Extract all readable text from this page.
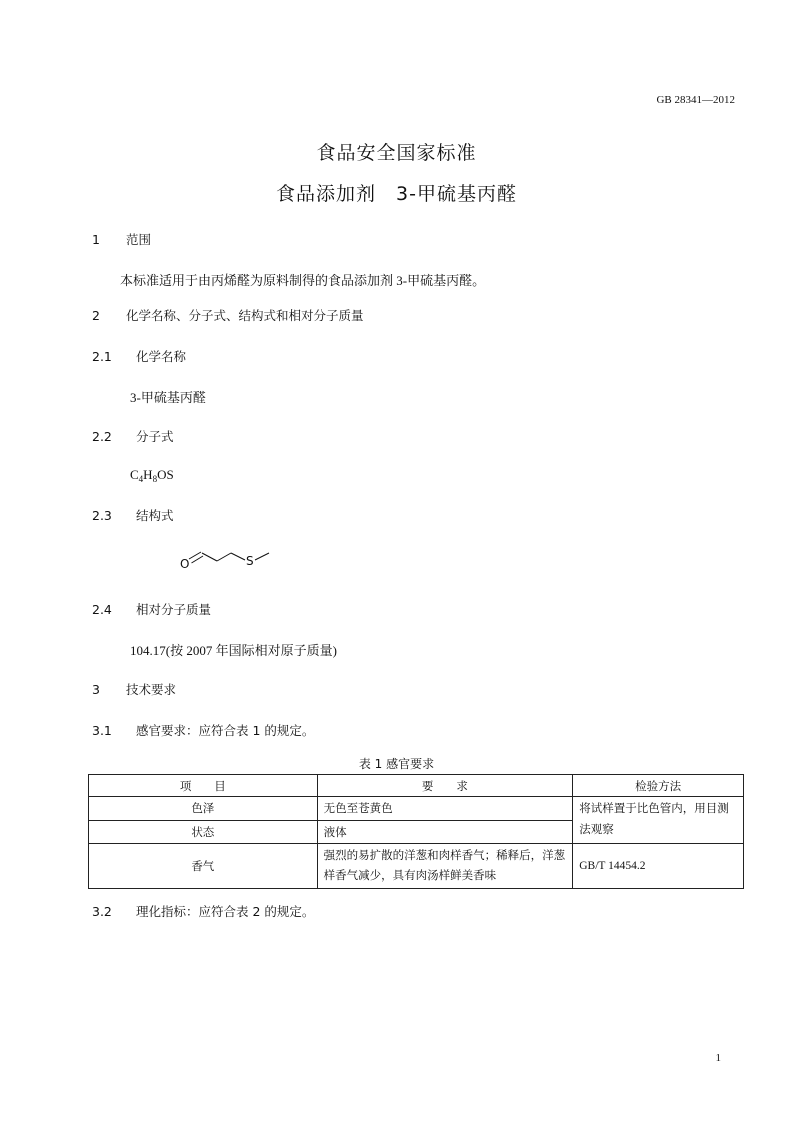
GB 28341—2012
食品安全国家标准
食品添加剂　3-甲硫基丙醛
1 范围
本标准适用于由丙烯醛为原料制得的食品添加剂 3-甲硫基丙醛。
2 化学名称、分子式、结构式和相对分子质量
2.1 化学名称
3-甲硫基丙醛
2.2 分子式
$C_4H_8OS$
2.3 结构式
O	S
2.4 相对分子质量
104.17(按 2007 年国际相对原子质量)
3 技术要求
3.1 感官要求：应符合表 1 的规定。
表 1 感官要求
项　　目	要　　求	检验方法
色泽	无色至苍黄色	将试样置于比色管内，用目测法观察
状态	液体	
香气	强烈的易扩散的洋葱和肉样香气；稀释后，洋葱样香气减少，具有肉汤样鲜美香味	GB/T 14454.2
3.2 理化指标：应符合表 2 的规定。
1
